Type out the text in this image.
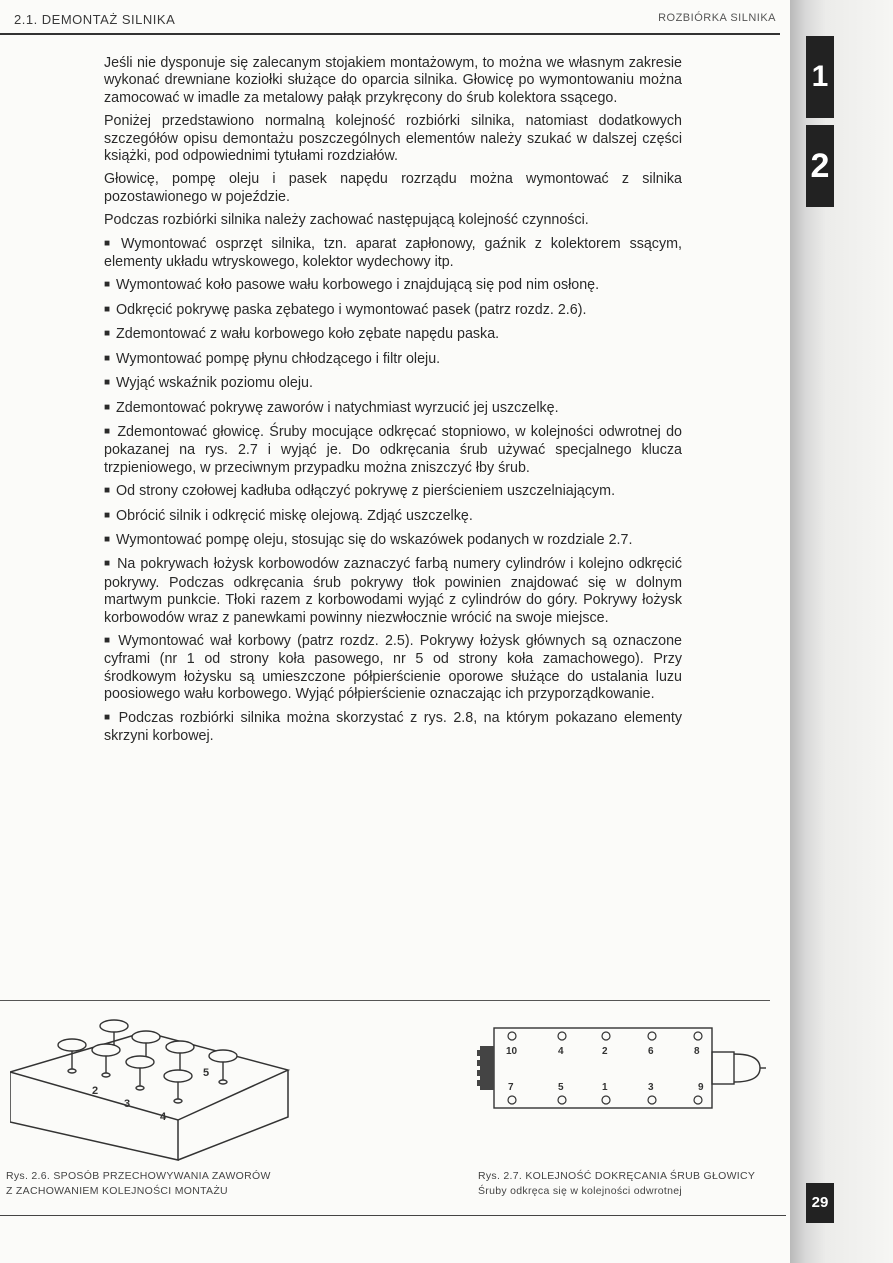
1
2
29
2.1. DEMONTAŻ SILNIKA	ROZBIÓRKA SILNIKA

Jeśli nie dysponuje się zalecanym stojakiem montażowym, to można we własnym zakresie wykonać drewniane koziołki służące do oparcia silnika. Głowicę po wymontowaniu można zamocować w imadle za metalowy pałąk przykręcony do śrub kolektora ssącego.

Poniżej przedstawiono normalną kolejność rozbiórki silnika, natomiast dodatkowych szczegółów opisu demontażu poszczególnych elementów należy szukać w dalszej części książki, pod odpowiednimi tytułami rozdziałów.

Głowicę, pompę oleju i pasek napędu rozrządu można wymontować z silnika pozostawionego w pojeździe.

Podczas rozbiórki silnika należy zachować następującą kolejność czynności.

■ Wymontować osprzęt silnika, tzn. aparat zapłonowy, gaźnik z kolektorem ssącym, elementy układu wtryskowego, kolektor wydechowy itp.

■ Wymontować koło pasowe wału korbowego i znajdującą się pod nim osłonę.

■ Odkręcić pokrywę paska zębatego i wymontować pasek (patrz rozdz. 2.6).

■ Zdemontować z wału korbowego koło zębate napędu paska.

■ Wymontować pompę płynu chłodzącego i filtr oleju.

■ Wyjąć wskaźnik poziomu oleju.

■ Zdemontować pokrywę zaworów i natychmiast wyrzucić jej uszczelkę.

■ Zdemontować głowicę. Śruby mocujące odkręcać stopniowo, w kolejności odwrotnej do pokazanej na rys. 2.7 i wyjąć je. Do odkręcania śrub używać specjalnego klucza trzpieniowego, w przeciwnym przypadku można zniszczyć łby śrub.

■ Od strony czołowej kadłuba odłączyć pokrywę z pierścieniem uszczelniającym.

■ Obrócić silnik i odkręcić miskę olejową. Zdjąć uszczelkę.

■ Wymontować pompę oleju, stosując się do wskazówek podanych w rozdziale 2.7.

■ Na pokrywach łożysk korbowodów zaznaczyć farbą numery cylindrów i kolejno odkręcić pokrywy. Podczas odkręcania śrub pokrywy tłok powinien znajdować się w dolnym martwym punkcie. Tłoki razem z korbowodami wyjąć z cylindrów do góry. Pokrywy łożysk korbowodów wraz z panewkami powinny niezwłocznie wrócić na swoje miejsce.

■ Wymontować wał korbowy (patrz rozdz. 2.5). Pokrywy łożysk głównych są oznaczone cyframi (nr 1 od strony koła pasowego, nr 5 od strony koła zamachowego). Przy środkowym łożysku są umieszczone półpierścienie oporowe służące do ustalania luzu poosiowego wału korbowego. Wyjąć półpierścienie oznaczając ich przyporządkowanie.

■ Podczas rozbiórki silnika można skorzystać z rys. 2.8, na którym pokazano elementy skrzyni korbowej.

2
3
4
5
Rys. 2.6. SPOSÓB PRZECHOWYWANIA ZAWORÓW
Z ZACHOWANIEM KOLEJNOŚCI MONTAŻU
10	4	2	6	8
7	5	1	3	9
Rys. 2.7. KOLEJNOŚĆ DOKRĘCANIA ŚRUB GŁOWICY
Śruby odkręca się w kolejności odwrotnej
